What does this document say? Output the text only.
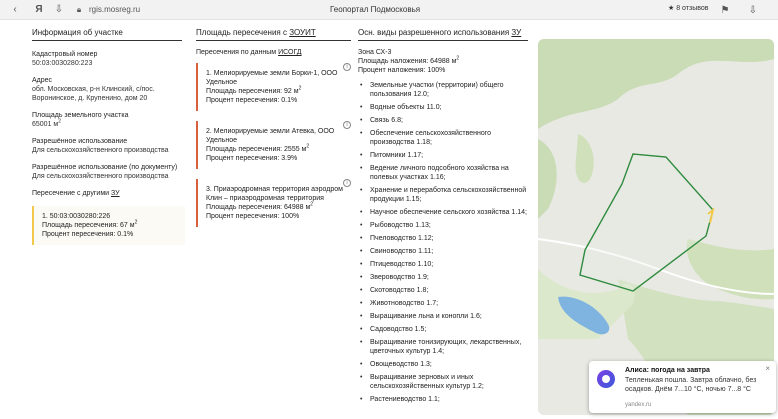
‹	Я	⇩	🔒︎ rgis.mosreg.ru	Геопортал Подмосковья	★ 8 отзывов	⚑ ⇩
Информация об участке
Кадастровый номер
50:03:0030280:223
Адрес
обл. Московская, р-н Клинский, с/пос. Воронинское, д. Крупенино, дом 20
Площадь земельного участка
65001 $м^2$
Разрешённое использование
Для сельскохозяйственного производства
Разрешённое использование (по документу)
Для сельскохозяйственного производства
Пересечение с другими ЗУ
1. 50:03:0030280:226
Площадь пересечения: 67 $м^2$
Процент пересечения: 0.1%
Площадь пересечения с ЗОУИТ
Пересечения по данным ИСОГД
i
1. Мелиорируемые земли Борки-1, ООО Удельное
Площадь пересечения: 92 $м^2$
Процент пересечения: 0.1%
i
2. Мелиорируемые земли Атевка, ООО Удельное
Площадь пересечения: 2555 $м^2$
Процент пересечения: 3.9%
i
3. Приаэродромная территория аэродром Клин – приаэродромная территория
Площадь пересечения: 64988 $м^2$
Процент пересечения: 100%
Осн. виды разрешенного использования ЗУ
Зона СХ-3
Площадь наложения: 64988 $м^2$
Процент наложения: 100%
• Земельные участки (территории) общего пользования 12.0;
• Водные объекты 11.0;
• Связь 6.8;
• Обеспечение сельскохозяйственного производства 1.18;
• Питомники 1.17;
• Ведение личного подсобного хозяйства на полевых участках 1.16;
• Хранение и переработка сельскохозяйственной продукции 1.15;
• Научное обеспечение сельского хозяйства 1.14;
• Рыбоводство 1.13;
• Пчеловодство 1.12;
• Свиноводство 1.11;
• Птицеводство 1.10;
• Звероводство 1.9;
• Скотоводство 1.8;
• Животноводство 1.7;
• Выращивание льна и конопли 1.6;
• Садоводство 1.5;
• Выращивание тонизирующих, лекарственных, цветочных культур 1.4;
• Овощеводство 1.3;
• Выращивание зерновых и иных сельскохозяйственных культур 1.2;
• Растениеводство 1.1;
Алиса: погода на завтра
Тепленькая пошла. Завтра облачно, без осадков. Днём 7...10 °С, ночью 7...8 °С
yandex.ru
×
